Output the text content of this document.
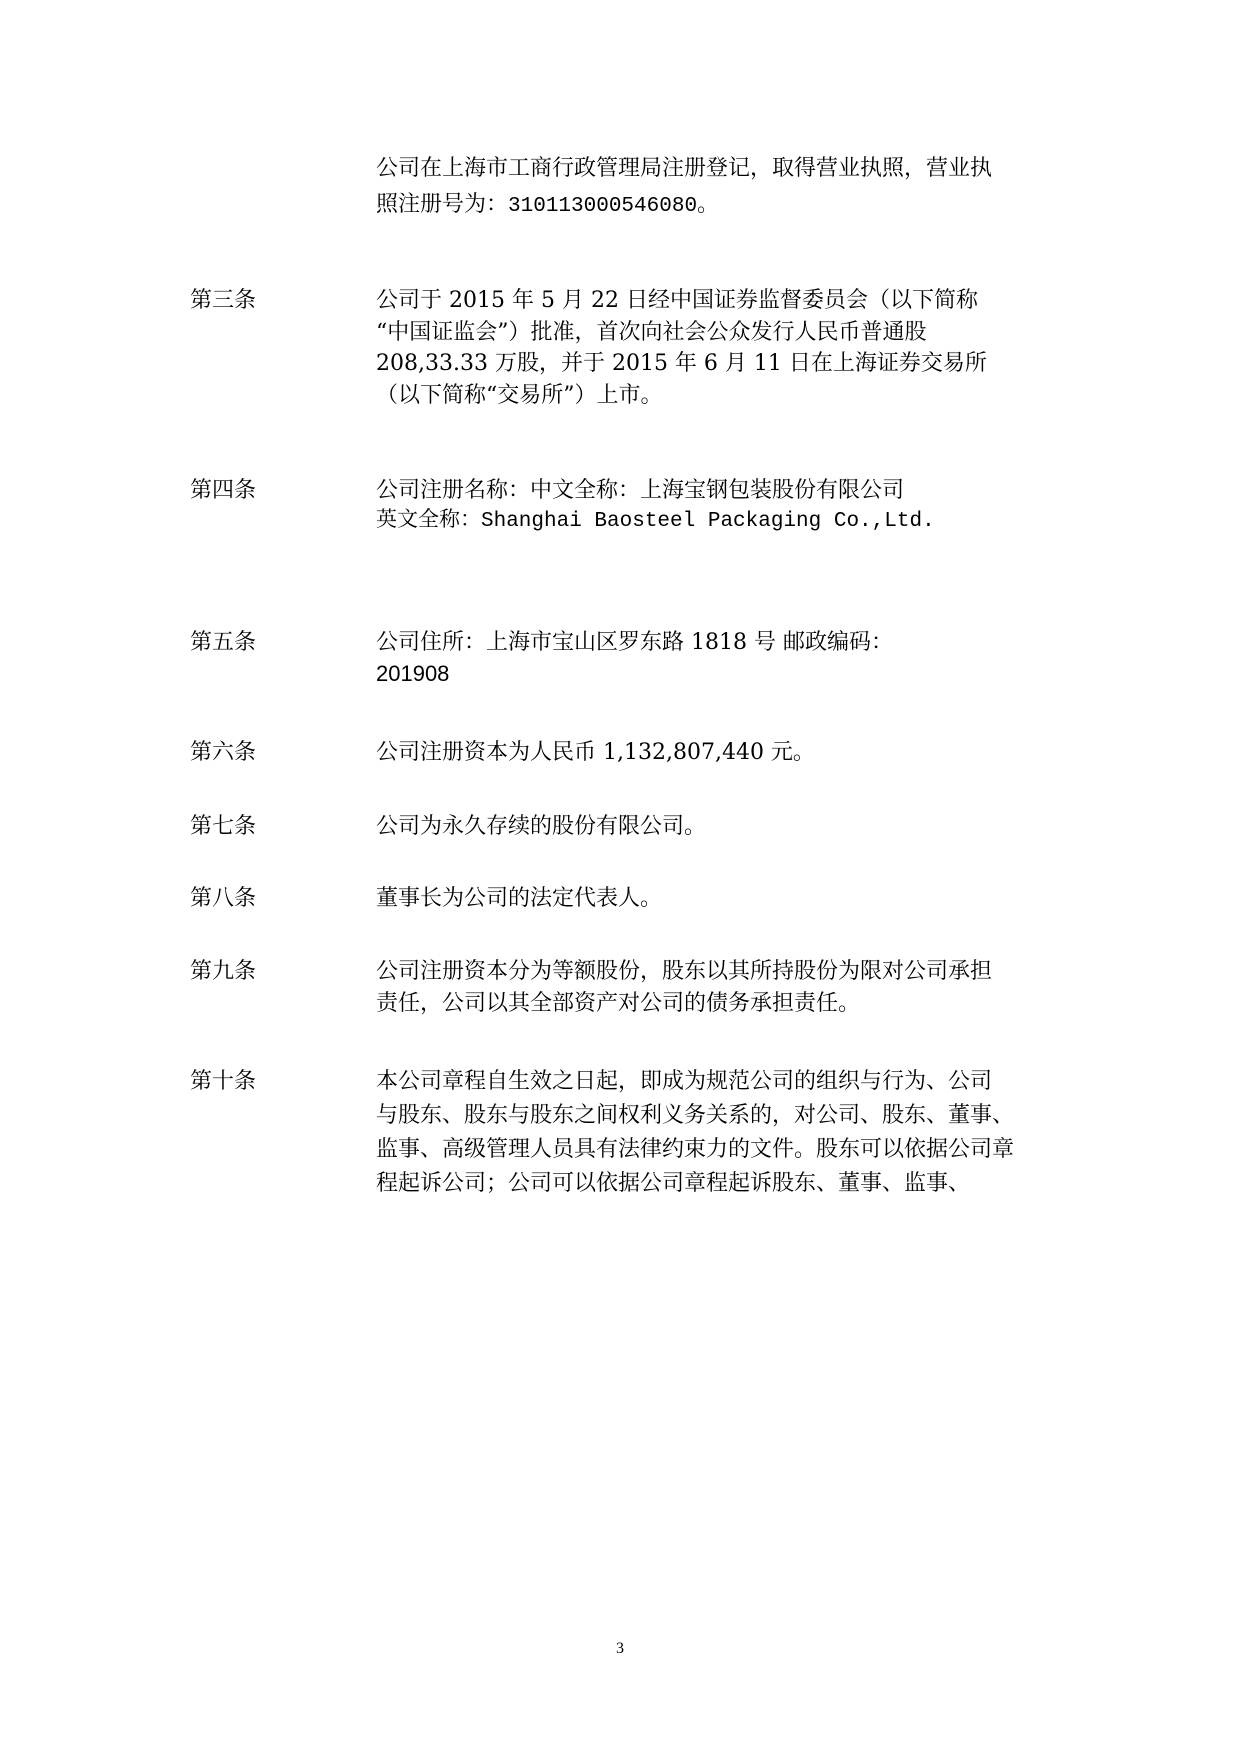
公司在上海市工商行政管理局注册登记，取得营业执照，营业执
照注册号为：310113000546080。
第三条	公司于 2015 年 5 月 22 日经中国证券监督委员会（以下简称
“中国证监会”）批准，首次向社会公众发行人民币普通股
208,33.33 万股，并于 2015 年 6 月 11 日在上海证券交易所
（以下简称“交易所”）上市。
第四条	公司注册名称：中文全称：上海宝钢包装股份有限公司
英文全称：Shanghai Baosteel Packaging Co.,Ltd.
第五条	公司住所：上海市宝山区罗东路 1818 号 邮政编码：
201908
第六条	公司注册资本为人民币 1,132,807,440 元。
第七条	公司为永久存续的股份有限公司。
第八条	董事长为公司的法定代表人。
第九条	公司注册资本分为等额股份，股东以其所持股份为限对公司承担
责任，公司以其全部资产对公司的债务承担责任。
第十条	本公司章程自生效之日起，即成为规范公司的组织与行为、公司
与股东、股东与股东之间权利义务关系的，对公司、股东、董事、
监事、高级管理人员具有法律约束力的文件。股东可以依据公司章
程起诉公司；公司可以依据公司章程起诉股东、董事、监事、
3
